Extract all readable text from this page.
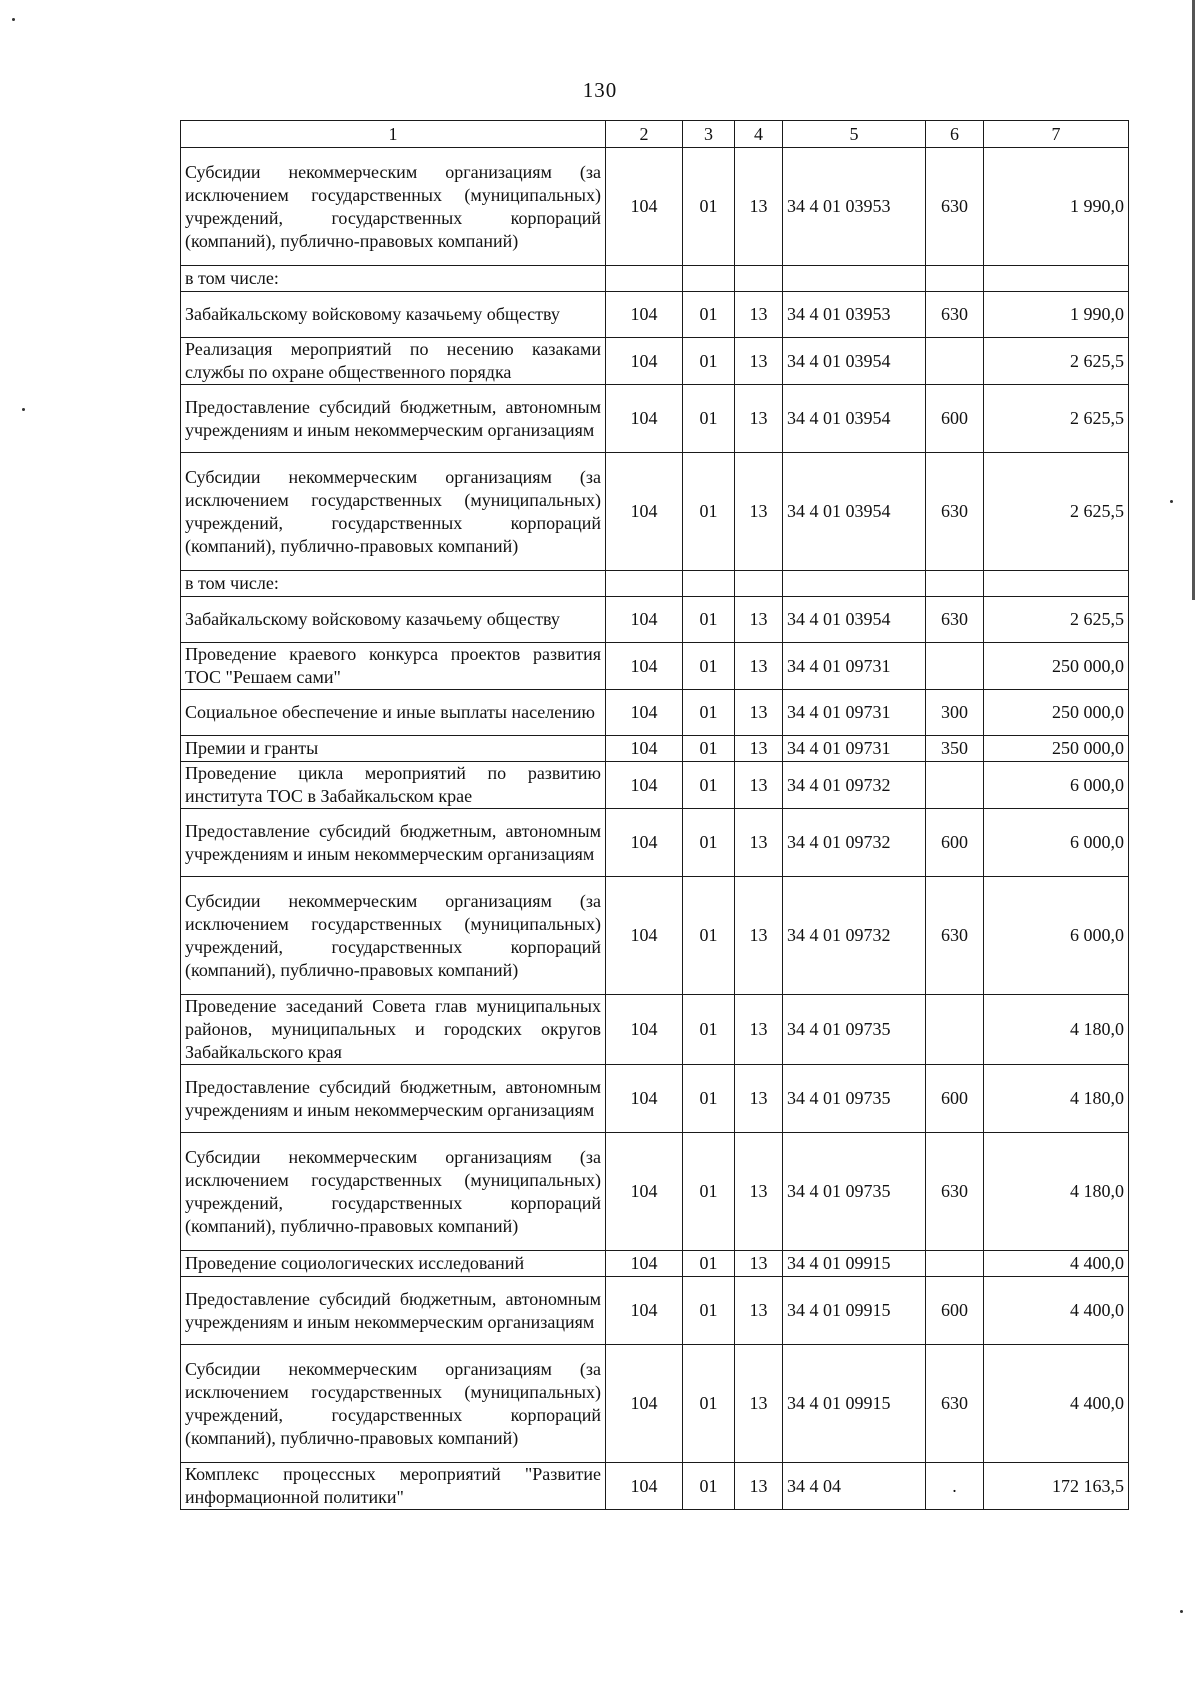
130
1	2	3	4	5	6	7
Субсидии некоммерческим организациям (за исключением государственных (муниципальных) учреждений, государственных корпораций (компаний), публично-правовых компаний)	104	01	13	34 4 01 03953	630	1 990,0
в том числе:						
Забайкальскому войсковому казачьему обществу	104	01	13	34 4 01 03953	630	1 990,0
Реализация мероприятий по несению казаками службы по охране общественного порядка	104	01	13	34 4 01 03954		2 625,5
Предоставление субсидий бюджетным, автономным учреждениям и иным некоммерческим организациям	104	01	13	34 4 01 03954	600	2 625,5
Субсидии некоммерческим организациям (за исключением государственных (муниципальных) учреждений, государственных корпораций (компаний), публично-правовых компаний)	104	01	13	34 4 01 03954	630	2 625,5
в том числе:						
Забайкальскому войсковому казачьему обществу	104	01	13	34 4 01 03954	630	2 625,5
Проведение краевого конкурса проектов развития ТОС "Решаем сами"	104	01	13	34 4 01 09731		250 000,0
Социальное обеспечение и иные выплаты населению	104	01	13	34 4 01 09731	300	250 000,0
Премии и гранты	104	01	13	34 4 01 09731	350	250 000,0
Проведение цикла мероприятий по развитию института ТОС в Забайкальском крае	104	01	13	34 4 01 09732		6 000,0
Предоставление субсидий бюджетным, автономным учреждениям и иным некоммерческим организациям	104	01	13	34 4 01 09732	600	6 000,0
Субсидии некоммерческим организациям (за исключением государственных (муниципальных) учреждений, государственных корпораций (компаний), публично-правовых компаний)	104	01	13	34 4 01 09732	630	6 000,0
Проведение заседаний Совета глав муниципальных районов, муниципальных и городских округов Забайкальского края	104	01	13	34 4 01 09735		4 180,0
Предоставление субсидий бюджетным, автономным учреждениям и иным некоммерческим организациям	104	01	13	34 4 01 09735	600	4 180,0
Субсидии некоммерческим организациям (за исключением государственных (муниципальных) учреждений, государственных корпораций (компаний), публично-правовых компаний)	104	01	13	34 4 01 09735	630	4 180,0
Проведение социологических исследований	104	01	13	34 4 01 09915		4 400,0
Предоставление субсидий бюджетным, автономным учреждениям и иным некоммерческим организациям	104	01	13	34 4 01 09915	600	4 400,0
Субсидии некоммерческим организациям (за исключением государственных (муниципальных) учреждений, государственных корпораций (компаний), публично-правовых компаний)	104	01	13	34 4 01 09915	630	4 400,0
Комплекс процессных мероприятий "Развитие информационной политики"	104	01	13	34 4 04	.	172 163,5
